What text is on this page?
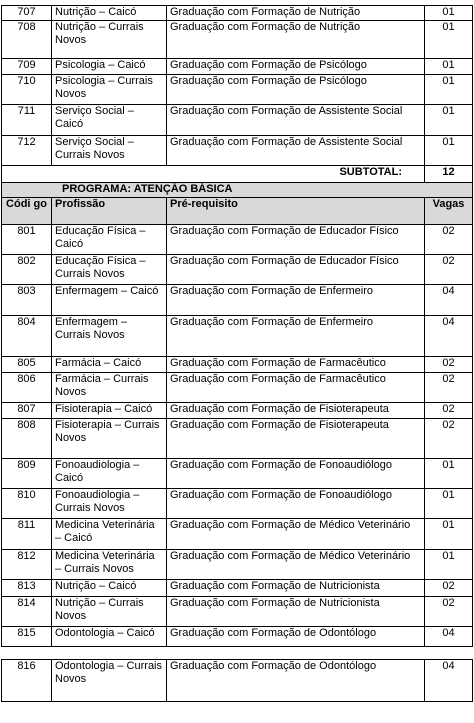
707	Nutrição – Caicó	Graduação com Formação de Nutrição	01
708	Nutrição – Currais Novos	Graduação com Formação de Nutrição	01
709	Psicologia – Caicó	Graduação com Formação de Psicólogo	01
710	Psicologia – Currais Novos	Graduação com Formação de Psicólogo	01
711	Serviço Social – Caicó	Graduação com Formação de Assistente Social	01
712	Serviço Social – Currais Novos	Graduação com Formação de Assistente Social	01
SUBTOTAL:			12
PROGRAMA: ATENÇÃO BÁSICA			
Códi go	Profissão	Pré-requisito	Vagas
801	Educação Física – Caicó	Graduação com Formação de Educador Físico	02
802	Educação Física – Currais Novos	Graduação com Formação de Educador Físico	02
803	Enfermagem – Caicó	Graduação com Formação de Enfermeiro	04
804	Enfermagem – Currais Novos	Graduação com Formação de Enfermeiro	04
805	Farmácia – Caicó	Graduação com Formação de Farmacêutico	02
806	Farmácia – Currais Novos	Graduação com Formação de Farmacêutico	02
807	Fisioterapia – Caicó	Graduação com Formação de Fisioterapeuta	02
808	Fisioterapia – Currais Novos	Graduação com Formação de Fisioterapeuta	02
809	Fonoaudiologia – Caicó	Graduação com Formação de Fonoaudiólogo	01
810	Fonoaudiologia – Currais Novos	Graduação com Formação de Fonoaudiólogo	01
811	Medicina Veterinária – Caicó	Graduação com Formação de Médico Veterinário	01
812	Medicina Veterinária – Currais Novos	Graduação com Formação de Médico Veterinário	01
813	Nutrição – Caicó	Graduação com Formação de Nutricionista	02
814	Nutrição – Currais Novos	Graduação com Formação de Nutricionista	02
815	Odontologia – Caicó	Graduação com Formação de Odontólogo	04
816	Odontologia – Currais Novos	Graduação com Formação de Odontólogo	04
